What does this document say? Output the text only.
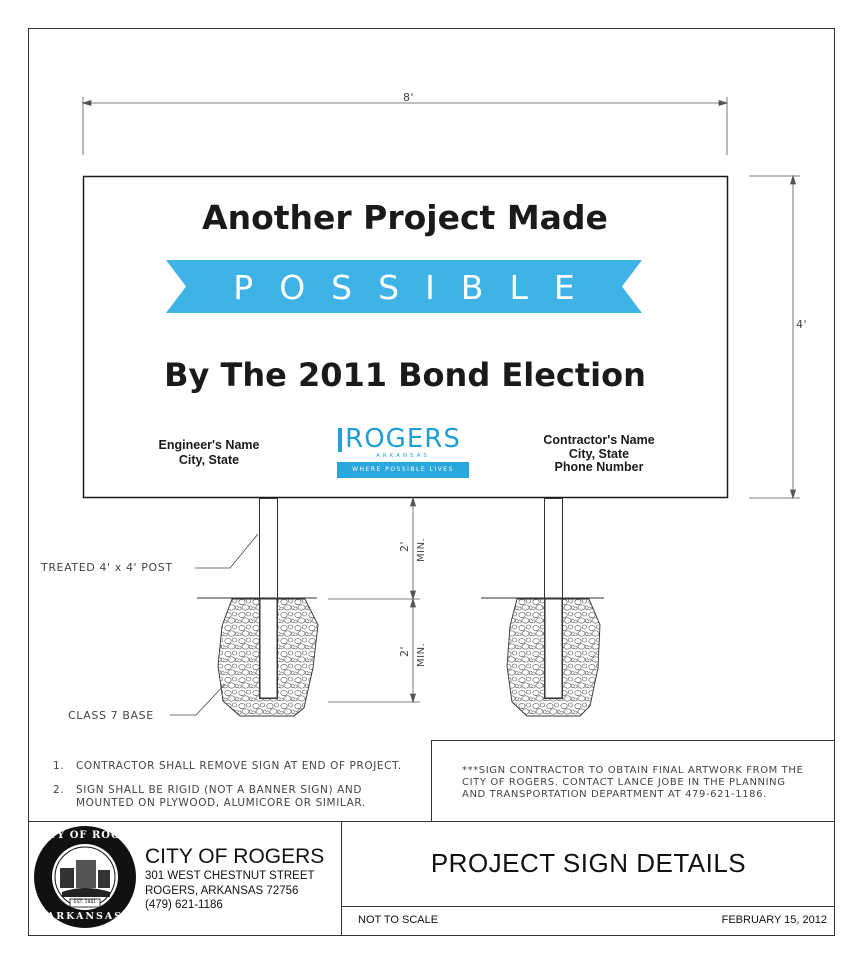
8'
4'
2' MIN.
2' MIN.
Another Project Made
POSSIBLE
By The 2011 Bond Election
Engineer's Name
City, State
Contractor's Name
City, State
Phone Number
ROGERS
ARKANSAS
WHERE POSSIBLE LIVES
TREATED 4' x 4' POST
CLASS 7 BASE
1. CONTRACTOR SHALL REMOVE SIGN AT END OF PROJECT.
2. SIGN SHALL BE RIGID (NOT A BANNER SIGN) AND
MOUNTED ON PLYWOOD, ALUMICORE OR SIMILAR.
***SIGN CONTRACTOR TO OBTAIN FINAL ARTWORK FROM THE
CITY OF ROGERS. CONTACT LANCE JOBE IN THE PLANNING
AND TRANSPORTATION DEPARTMENT AT 479-621-1186.
CITY OF ROGERS
301 WEST CHESTNUT STREET
ROGERS, ARKANSAS 72756
(479) 621-1186
PROJECT SIGN DETAILS
NOT TO SCALE	FEBRUARY 15, 2012
CITY OF ROGERS
ARKANSAS
EST. 1881
